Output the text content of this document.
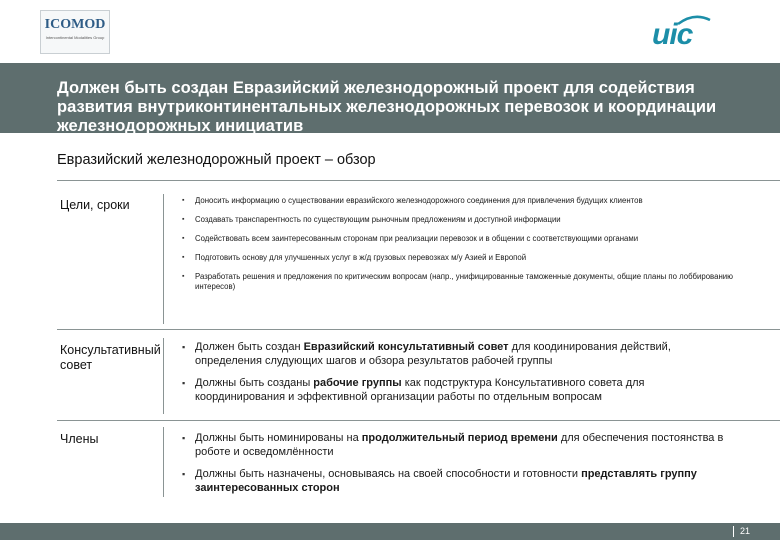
ICOMOD
Intercontinental Modalities Group	uic
Должен быть создан Евразийский железнодорожный проект для содействия развития внутриконтинентальных железнодорожных перевозок и координации железнодорожных инициатив
Евразийский железнодорожный проект – обзор
Цели, сроки	▪ Доносить информацию о существовании евразийского железнодорожного соединения для привлечения будущих клиентов
▪ Создавать транспарентность по существующим рыночным предложениям и доступной информации
▪ Содействовать всем заинтересованным сторонам при реализации перевозок и в общении с соответствующими органами
▪ Подготовить основу для улучшенных услуг в ж/д грузовых перевозках м/у Азией и Европой
▪ Разработать решения и предложения по критическим вопросам (напр., унифицированные таможенные документы, общие планы по лоббированию интересов)
Консультативный совет
▪ Должен быть создан Евразийский консультативный совет для коодинирования действий, определения слудующих шагов и обзора результатов рабочей группы
▪ Должны быть созданы рабочие группы как подструктура Консультативного совета для координирования и эффективной организации работы по отдельным вопросам
Члены	▪ Должны быть номинированы на продолжительный период времени для обеспечения постоянства в роботе и осведомлённости
▪ Должны быть назначены, основываясь на своей способности и готовности представлять группу заинтересованных сторон
21
